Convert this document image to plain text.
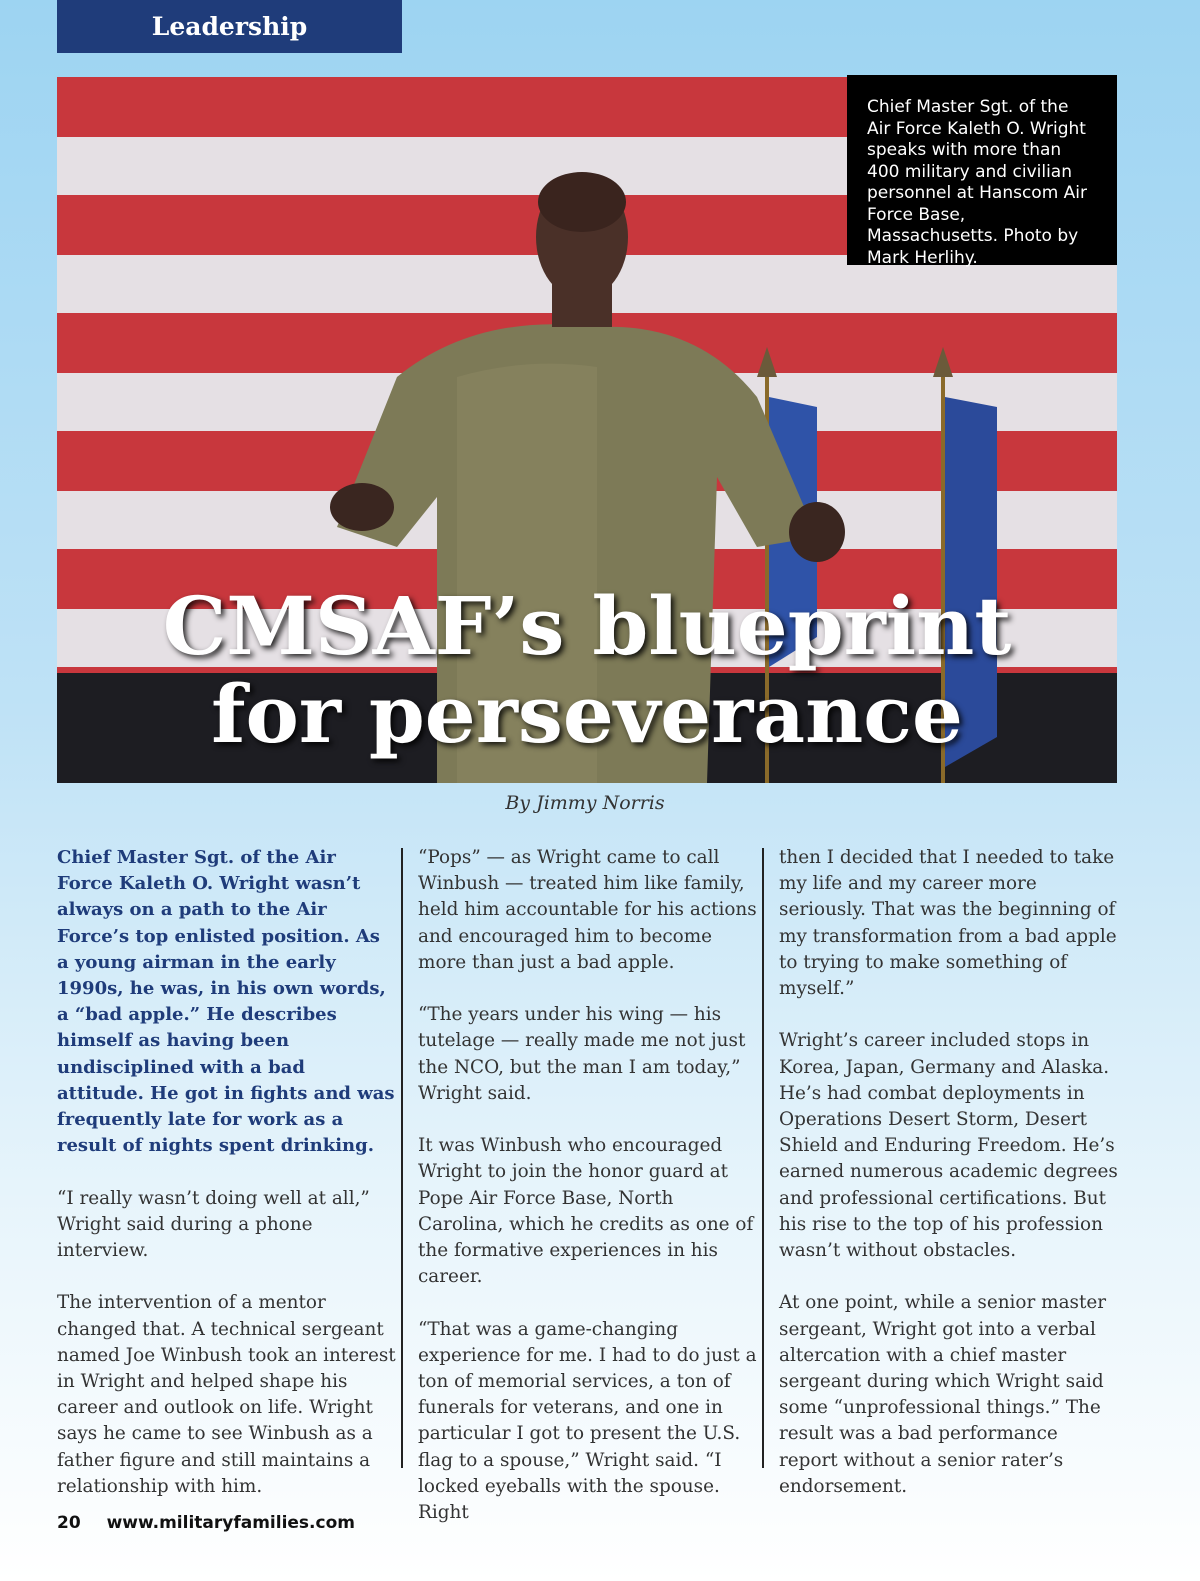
Leadership
Chief Master Sgt. of the Air Force Kaleth O. Wright speaks with more than 400 military and civilian personnel at Hanscom Air Force Base, Massachusetts. Photo by Mark Herlihy.
CMSAF’s blueprint
for perseverance
By Jimmy Norris

Chief Master Sgt. of the Air Force Kaleth O. Wright wasn’t always on a path to the Air Force’s top enlisted position. As a young airman in the early 1990s, he was, in his own words, a “bad apple.” He describes himself as having been undisciplined with a bad attitude. He got in fights and was frequently late for work as a result of nights spent drinking.

“I really wasn’t doing well at all,” Wright said during a phone interview.

The intervention of a mentor changed that. A technical sergeant named Joe Winbush took an interest in Wright and helped shape his career and outlook on life. Wright says he came to see Winbush as a father figure and still maintains a relationship with him.

“Pops” — as Wright came to call Winbush — treated him like family, held him accountable for his actions and encouraged him to become more than just a bad apple.

“The years under his wing — his tutelage — really made me not just the NCO, but the man I am today,” Wright said.

It was Winbush who encouraged Wright to join the honor guard at Pope Air Force Base, North Carolina, which he credits as one of the formative experiences in his career.

“That was a game-changing experience for me. I had to do just a ton of memorial services, a ton of funerals for veterans, and one in particular I got to present the U.S. flag to a spouse,” Wright said. “I locked eyeballs with the spouse. Right

then I decided that I needed to take my life and my career more seriously. That was the beginning of my transformation from a bad apple to trying to make something of myself.”

Wright’s career included stops in Korea, Japan, Germany and Alaska. He’s had combat deployments in Operations Desert Storm, Desert Shield and Enduring Freedom. He’s earned numerous academic degrees and professional certifications. But his rise to the top of his profession wasn’t without obstacles.

At one point, while a senior master sergeant, Wright got into a verbal altercation with a chief master sergeant during which Wright said some “unprofessional things.” The result was a bad performance report without a senior rater’s endorsement.

20 www.militaryfamilies.com
